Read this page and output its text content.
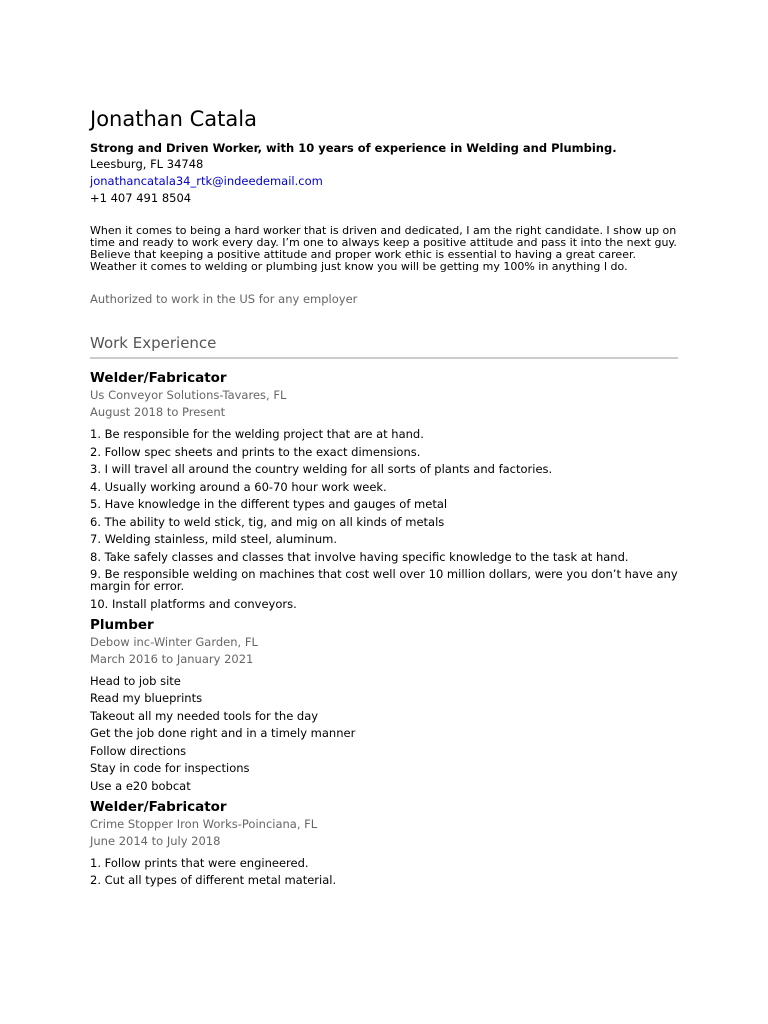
Jonathan Catala
Strong and Driven Worker, with 10 years of experience in Welding and Plumbing.
Leesburg, FL 34748
jonathancatala34_rtk@indeedemail.com
+1 407 491 8504
When it comes to being a hard worker that is driven and dedicated, I am the right candidate. I show up on time and ready to work every day. I’m one to always keep a positive attitude and pass it into the next guy. Believe that keeping a positive attitude and proper work ethic is essential to having a great career. Weather it comes to welding or plumbing just know you will be getting my 100% in anything I do.
Authorized to work in the US for any employer
Work Experience
Welder/Fabricator
Us Conveyor Solutions-Tavares, FL
August 2018 to Present
1. Be responsible for the welding project that are at hand.
2. Follow spec sheets and prints to the exact dimensions.
3. I will travel all around the country welding for all sorts of plants and factories.
4. Usually working around a 60-70 hour work week.
5. Have knowledge in the different types and gauges of metal
6. The ability to weld stick, tig, and mig on all kinds of metals
7. Welding stainless, mild steel, aluminum.
8. Take safely classes and classes that involve having specific knowledge to the task at hand.
9. Be responsible welding on machines that cost well over 10 million dollars, were you don’t have any margin for error.
10. Install platforms and conveyors.
Plumber
Debow inc-Winter Garden, FL
March 2016 to January 2021
Head to job site
Read my blueprints
Takeout all my needed tools for the day
Get the job done right and in a timely manner
Follow directions
Stay in code for inspections
Use a e20 bobcat
Welder/Fabricator
Crime Stopper Iron Works-Poinciana, FL
June 2014 to July 2018
1. Follow prints that were engineered.
2. Cut all types of different metal material.
